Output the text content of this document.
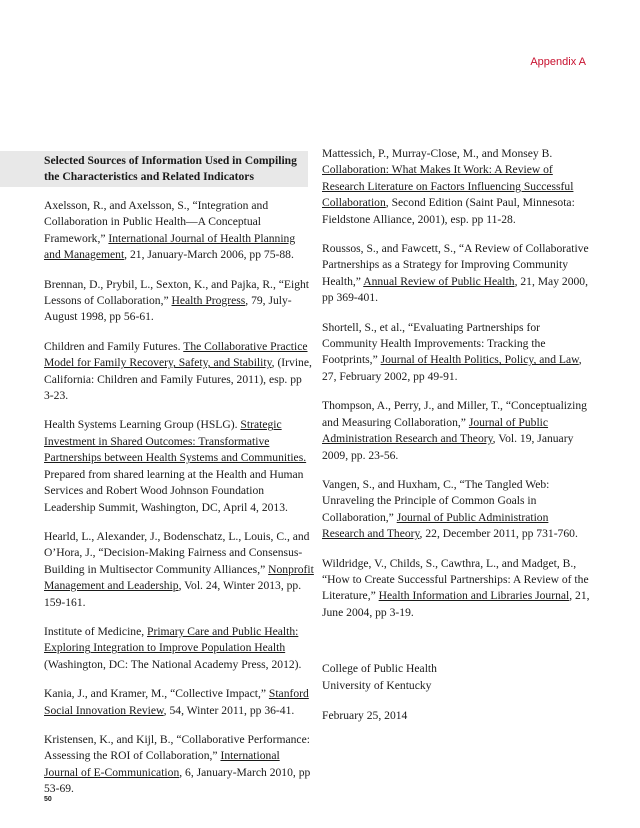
Appendix A
Selected Sources of Information Used in Compiling the Characteristics and Related Indicators

Axelsson, R., and Axelsson, S., “Integration and Collaboration in Public Health—A Conceptual Framework,” International Journal of Health Planning and Management, 21, January-March 2006, pp 75-88.

Brennan, D., Prybil, L., Sexton, K., and Pajka, R., “Eight Lessons of Collaboration,” Health Progress, 79, July-August 1998, pp 56-61.

Children and Family Futures. The Collaborative Practice Model for Family Recovery, Safety, and Stability, (Irvine, California: Children and Family Futures, 2011), esp. pp 3-23.

Health Systems Learning Group (HSLG). Strategic Investment in Shared Outcomes: Transformative Partnerships between Health Systems and Communities. Prepared from shared learning at the Health and Human Services and Robert Wood Johnson Foundation Leadership Summit, Washington, DC, April 4, 2013.

Hearld, L., Alexander, J., Bodenschatz, L., Louis, C., and O’Hora, J., “Decision-Making Fairness and Consensus-Building in Multisector Community Alliances,” Nonprofit Management and Leadership, Vol. 24, Winter 2013, pp. 159-161.

Institute of Medicine, Primary Care and Public Health: Exploring Integration to Improve Population Health (Washington, DC: The National Academy Press, 2012).

Kania, J., and Kramer, M., “Collective Impact,” Stanford Social Innovation Review, 54, Winter 2011, pp 36-41.

Kristensen, K., and Kijl, B., “Collaborative Performance: Assessing the ROI of Collaboration,” International Journal of E-Communication, 6, January-March 2010, pp 53-69.

Mattessich, P., Murray-Close, M., and Monsey B. Collaboration: What Makes It Work: A Review of Research Literature on Factors Influencing Successful Collaboration, Second Edition (Saint Paul, Minnesota: Fieldstone Alliance, 2001), esp. pp 11-28.

Roussos, S., and Fawcett, S., “A Review of Collaborative Partnerships as a Strategy for Improving Community Health,” Annual Review of Public Health, 21, May 2000, pp 369-401.

Shortell, S., et al., “Evaluating Partnerships for Community Health Improvements: Tracking the Footprints,” Journal of Health Politics, Policy, and Law, 27, February 2002, pp 49-91.

Thompson, A., Perry, J., and Miller, T., “Conceptualizing and Measuring Collaboration,” Journal of Public Administration Research and Theory, Vol. 19, January 2009, pp. 23-56.

Vangen, S., and Huxham, C., “The Tangled Web: Unraveling the Principle of Common Goals in Collaboration,” Journal of Public Administration Research and Theory, 22, December 2011, pp 731-760.

Wildridge, V., Childs, S., Cawthra, L., and Madget, B., “How to Create Successful Partnerships: A Review of the Literature,” Health Information and Libraries Journal, 21, June 2004, pp 3-19.

College of Public Health
University of Kentucky
February 25, 2014
50
